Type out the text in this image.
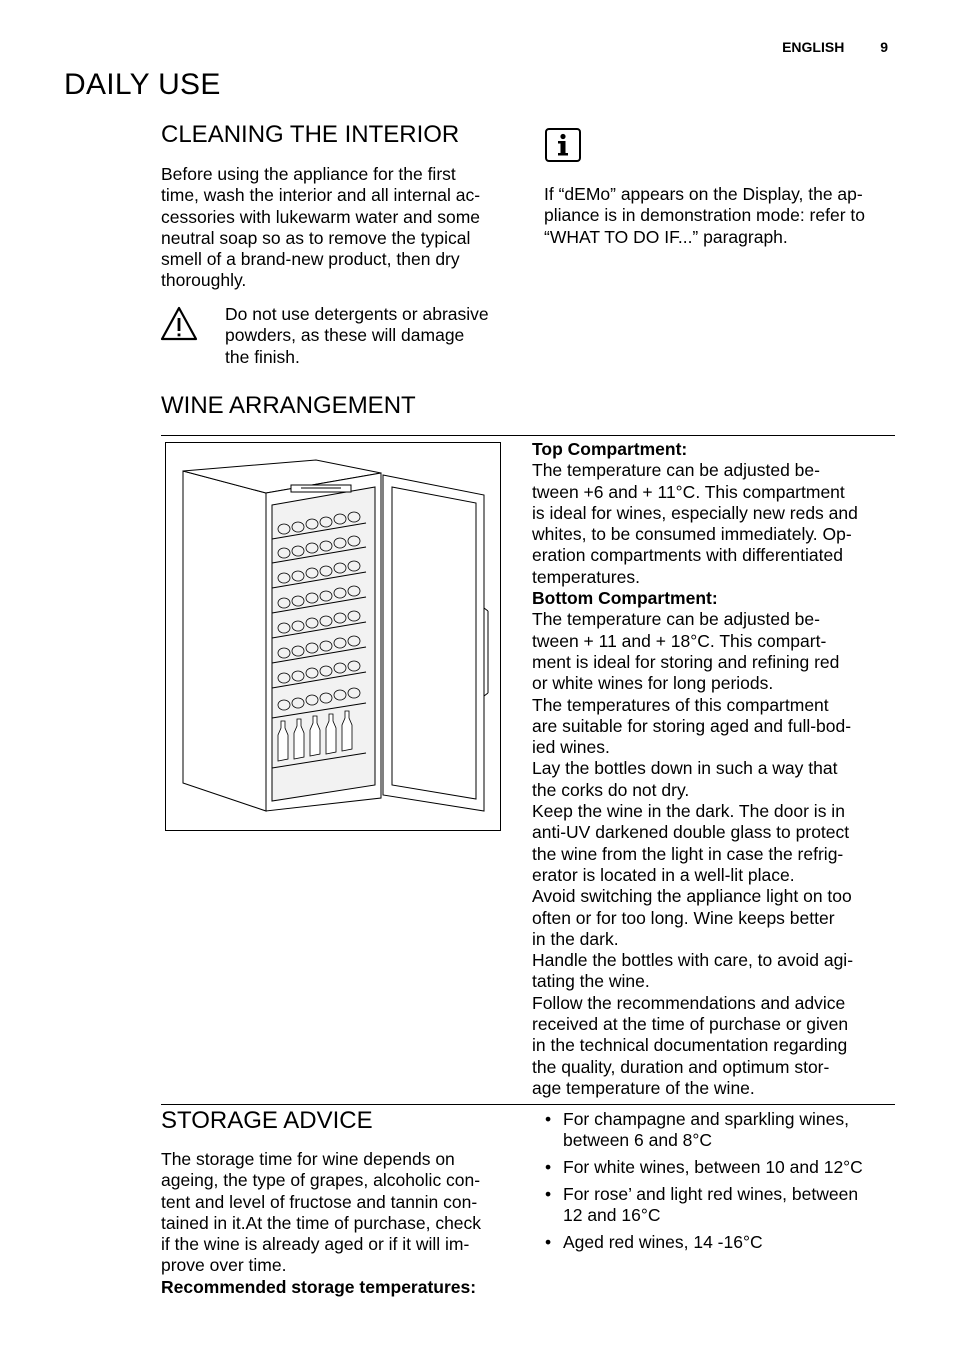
ENGLISH	9
DAILY USE
CLEANING THE INTERIOR

Before using the appliance for the first

time, wash the interior and all internal ac-

cessories with lukewarm water and some

neutral soap so as to remove the typical

smell of a brand-new product, then dry

thoroughly.

Do not use detergents or abrasive

powders, as these will damage

the finish.

If “dEMo” appears on the Display, the ap-

pliance is in demonstration mode: refer to

“WHAT TO DO IF...” paragraph.

WINE ARRANGEMENT

Top Compartment:

The temperature can be adjusted be-

tween +6 and + 11°C. This compartment

is ideal for wines, especially new reds and

whites, to be consumed immediately. Op-

eration compartments with differentiated

temperatures.

Bottom Compartment:

The temperature can be adjusted be-

tween + 11 and + 18°C. This compart-

ment is ideal for storing and refining red

or white wines for long periods.

The temperatures of this compartment

are suitable for storing aged and full-bod-

ied wines.

Lay the bottles down in such a way that

the corks do not dry.

Keep the wine in the dark. The door is in

anti-UV darkened double glass to protect

the wine from the light in case the refrig-

erator is located in a well-lit place.

Avoid switching the appliance light on too

often or for too long. Wine keeps better

in the dark.

Handle the bottles with care, to avoid agi-

tating the wine.

Follow the recommendations and advice

received at the time of purchase or given

in the technical documentation regarding

the quality, duration and optimum stor-

age temperature of the wine.

STORAGE ADVICE

The storage time for wine depends on

ageing, the type of grapes, alcoholic con-

tent and level of fructose and tannin con-

tained in it.At the time of purchase, check

if the wine is already aged or if it will im-

prove over time.

Recommended storage temperatures:

• For champagne and sparkling wines,
between 6 and 8°C
• For white wines, between 10 and 12°C
• For rose’ and light red wines, between
12 and 16°C
• Aged red wines, 14 -16°C
